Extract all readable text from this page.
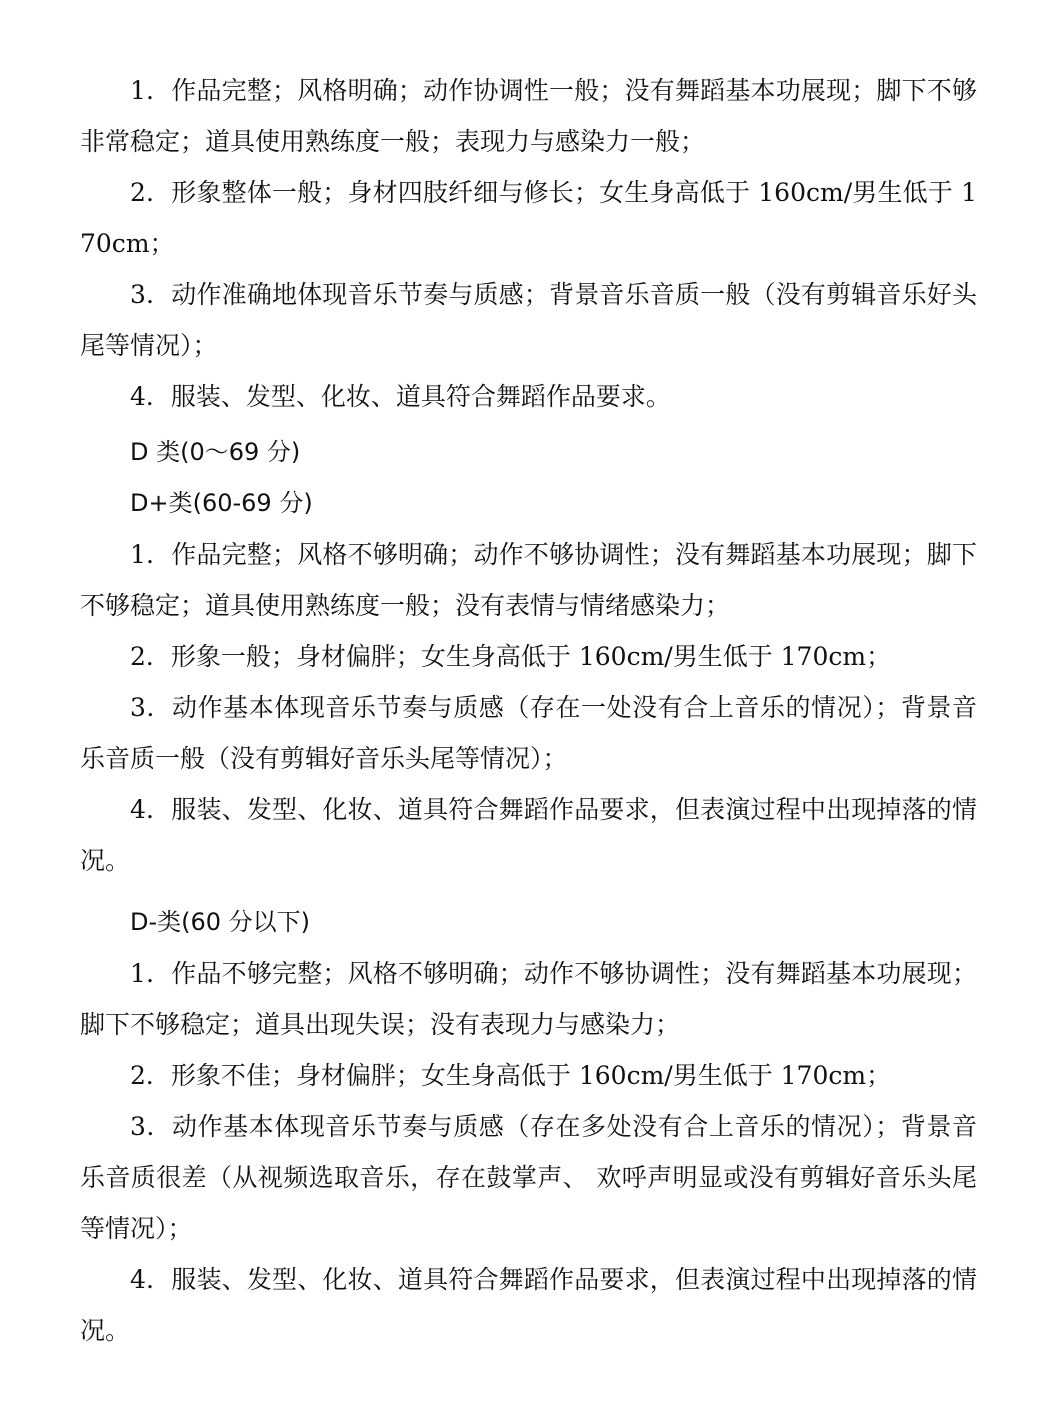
1．作品完整；风格明确；动作协调性一般；没有舞蹈基本功展现；脚下不够非常稳定；道具使用熟练度一般；表现力与感染力一般；

2．形象整体一般；身材四肢纤细与修长；女生身高低于 160cm/男生低于 170cm；

3．动作准确地体现音乐节奏与质感；背景音乐音质一般（没有剪辑音乐好头尾等情况）；

4．服装、发型、化妆、道具符合舞蹈作品要求。

D 类(0～69 分)

D+类(60-69 分)

1．作品完整；风格不够明确；动作不够协调性；没有舞蹈基本功展现；脚下不够稳定；道具使用熟练度一般；没有表情与情绪感染力；

2．形象一般；身材偏胖；女生身高低于 160cm/男生低于 170cm；

3．动作基本体现音乐节奏与质感（存在一处没有合上音乐的情况）；背景音乐音质一般（没有剪辑好音乐头尾等情况）；

4．服装、发型、化妆、道具符合舞蹈作品要求，但表演过程中出现掉落的情况。

D-类(60 分以下)

1．作品不够完整；风格不够明确；动作不够协调性；没有舞蹈基本功展现；脚下不够稳定；道具出现失误；没有表现力与感染力；

2．形象不佳；身材偏胖；女生身高低于 160cm/男生低于 170cm；

3．动作基本体现音乐节奏与质感（存在多处没有合上音乐的情况）；背景音乐音质很差（从视频选取音乐，存在鼓掌声、 欢呼声明显或没有剪辑好音乐头尾等情况）；

4．服装、发型、化妆、道具符合舞蹈作品要求，但表演过程中出现掉落的情况。
